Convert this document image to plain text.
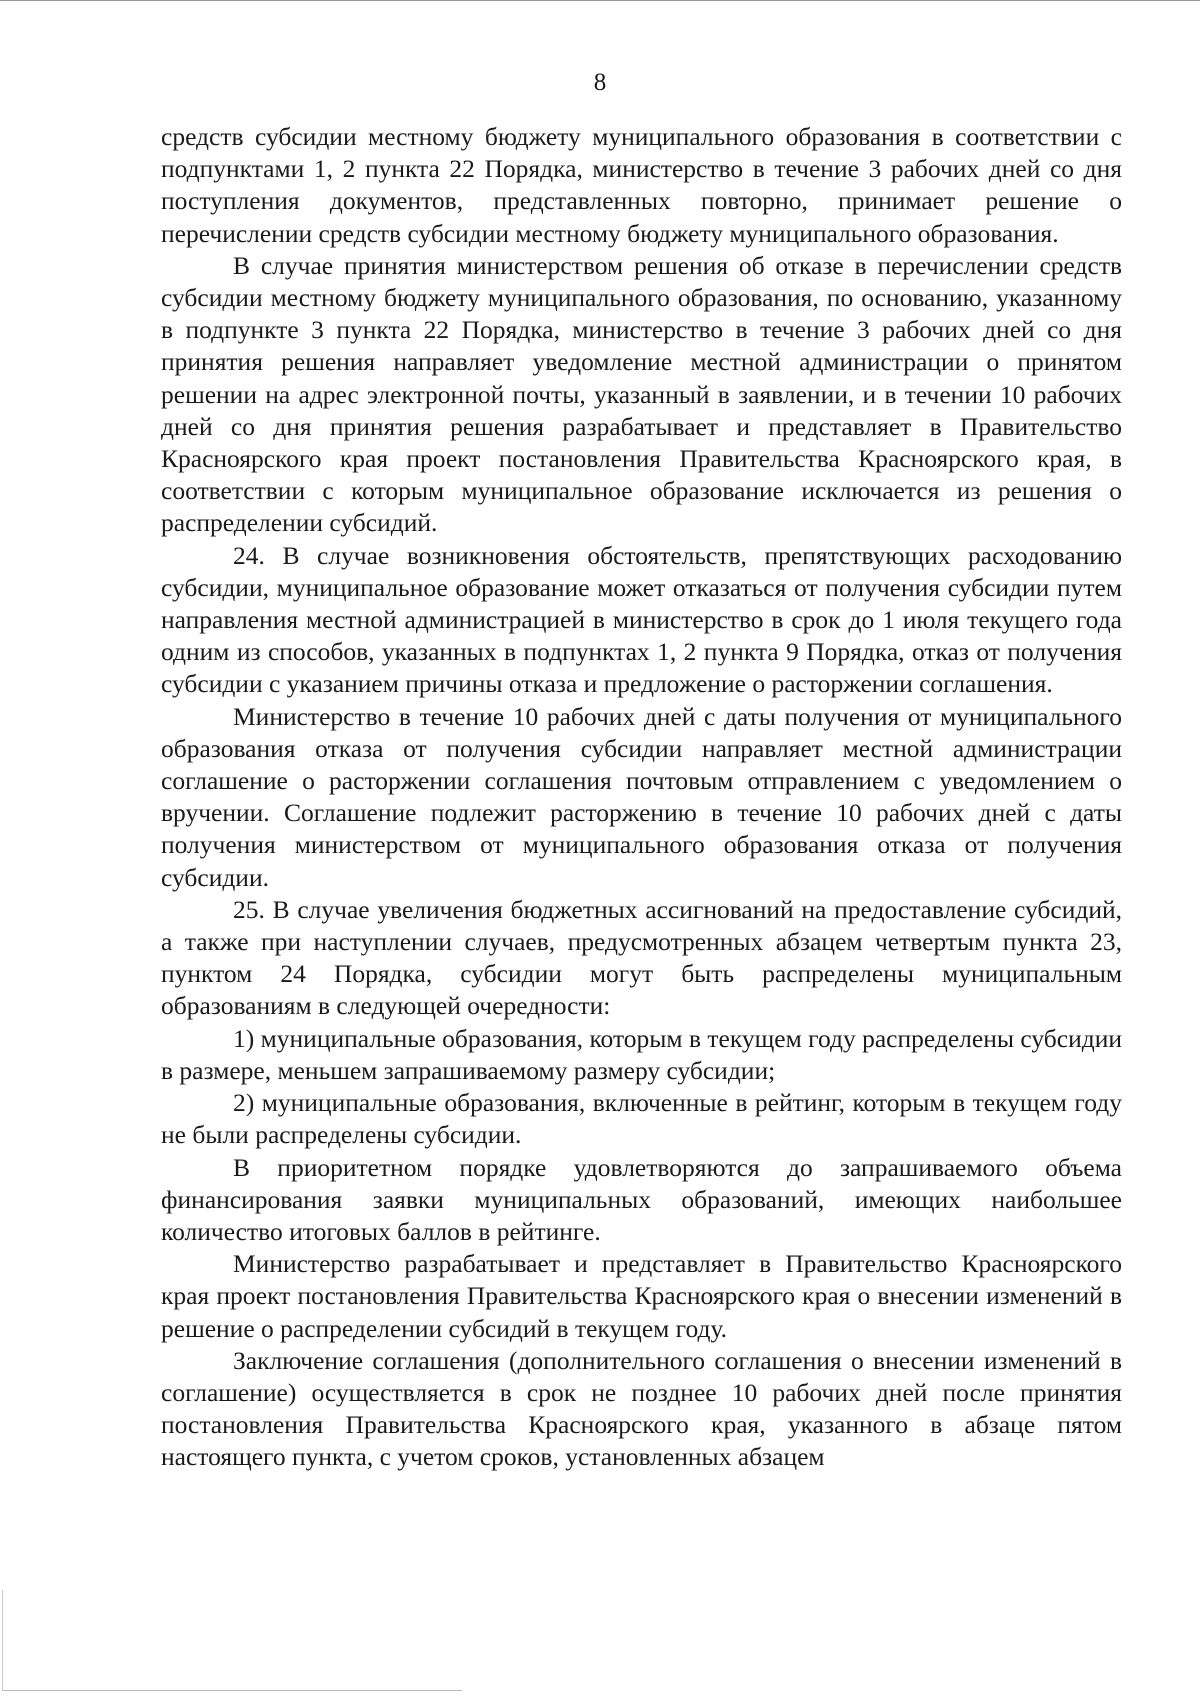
8

средств субсидии местному бюджету муниципального образования в соответствии с подпунктами 1, 2 пункта 22 Порядка, министерство в течение 3 рабочих дней со дня поступления документов, представленных повторно, принимает решение о перечислении средств субсидии местному бюджету муниципального образования.

В случае принятия министерством решения об отказе в перечислении средств субсидии местному бюджету муниципального образования, по основанию, указанному в подпункте 3 пункта 22 Порядка, министерство в течение 3 рабочих дней со дня принятия решения направляет уведомление местной администрации о принятом решении на адрес электронной почты, указанный в заявлении, и в течении 10 рабочих дней со дня принятия решения разрабатывает и представляет в Правительство Красноярского края проект постановления Правительства Красноярского края, в соответствии с которым муниципальное образование исключается из решения о распределении субсидий.

24. В случае возникновения обстоятельств, препятствующих расходованию субсидии, муниципальное образование может отказаться от получения субсидии путем направления местной администрацией в министерство в срок до 1 июля текущего года одним из способов, указанных в подпунктах 1, 2 пункта 9 Порядка, отказ от получения субсидии с указанием причины отказа и предложение о расторжении соглашения.

Министерство в течение 10 рабочих дней с даты получения от муниципального образования отказа от получения субсидии направляет местной администрации соглашение о расторжении соглашения почтовым отправлением с уведомлением о вручении. Соглашение подлежит расторжению в течение 10 рабочих дней с даты получения министерством от муниципального образования отказа от получения субсидии.

25. В случае увеличения бюджетных ассигнований на предоставление субсидий, а также при наступлении случаев, предусмотренных абзацем четвертым пункта 23, пунктом 24 Порядка, субсидии могут быть распределены муниципальным образованиям в следующей очередности:

1) муниципальные образования, которым в текущем году распределены субсидии в размере, меньшем запрашиваемому размеру субсидии;

2) муниципальные образования, включенные в рейтинг, которым в текущем году не были распределены субсидии.

В приоритетном порядке удовлетворяются до запрашиваемого объема финансирования заявки муниципальных образований, имеющих наибольшее количество итоговых баллов в рейтинге.

Министерство разрабатывает и представляет в Правительство Красноярского края проект постановления Правительства Красноярского края о внесении изменений в решение о распределении субсидий в текущем году.

Заключение соглашения (дополнительного соглашения о внесении изменений в соглашение) осуществляется в срок не позднее 10 рабочих дней после принятия постановления Правительства Красноярского края, указанного в абзаце пятом настоящего пункта, с учетом сроков, установленных абзацем
